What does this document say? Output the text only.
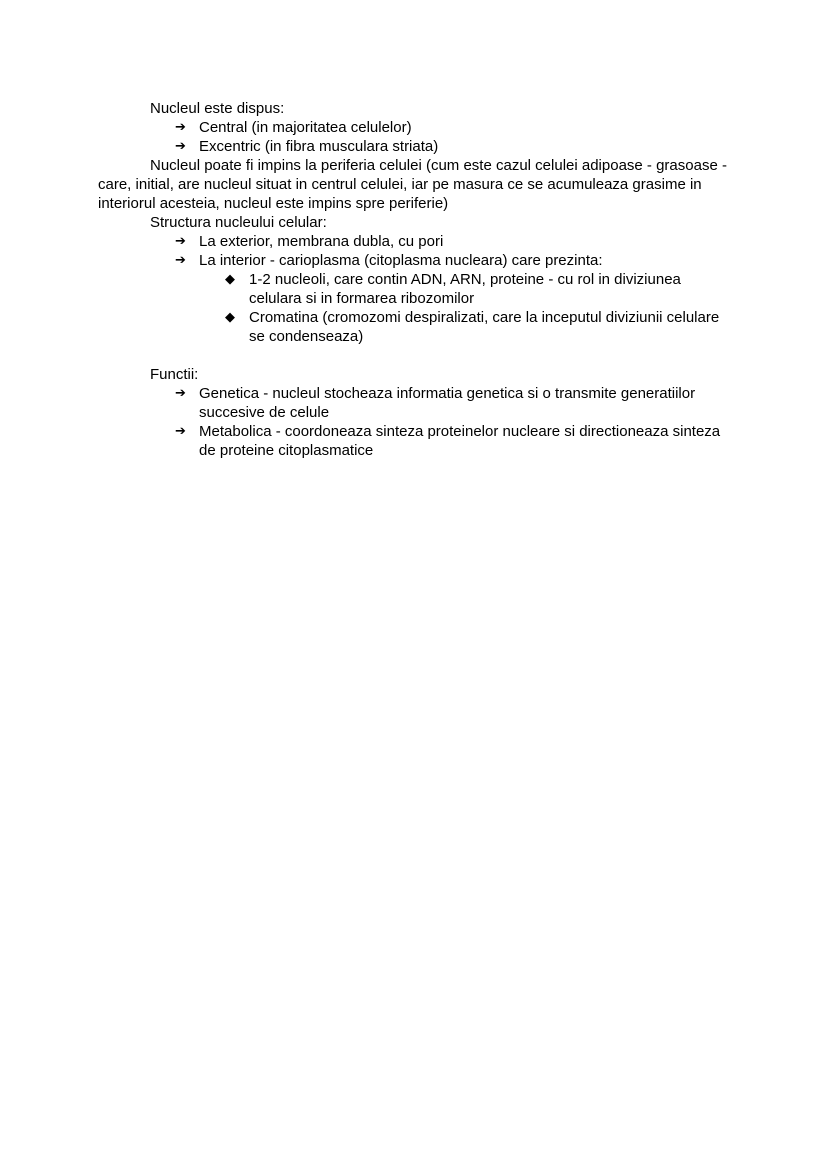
Nucleul este dispus:

➔ Central (in majoritatea celulelor)
➔ Excentric (in fibra musculara striata)

Nucleul poate fi impins la periferia celulei (cum este cazul celulei adipoase - grasoase - care, initial, are nucleul situat in centrul celulei, iar pe masura ce se acumuleaza grasime in interiorul acesteia, nucleul este impins spre periferie)

Structura nucleului celular:

➔ La exterior, membrana dubla, cu pori
➔ La interior - carioplasma (citoplasma nucleara) care prezinta:
◆ 1-2 nucleoli, care contin ADN, ARN, proteine - cu rol in diviziunea celulara si in formarea ribozomilor
◆ Cromatina (cromozomi despiralizati, care la inceputul diviziunii celulare se condenseaza)

Functii:

➔ Genetica - nucleul stocheaza informatia genetica si o transmite generatiilor succesive de celule
➔ Metabolica - coordoneaza sinteza proteinelor nucleare si directioneaza sinteza de proteine citoplasmatice
